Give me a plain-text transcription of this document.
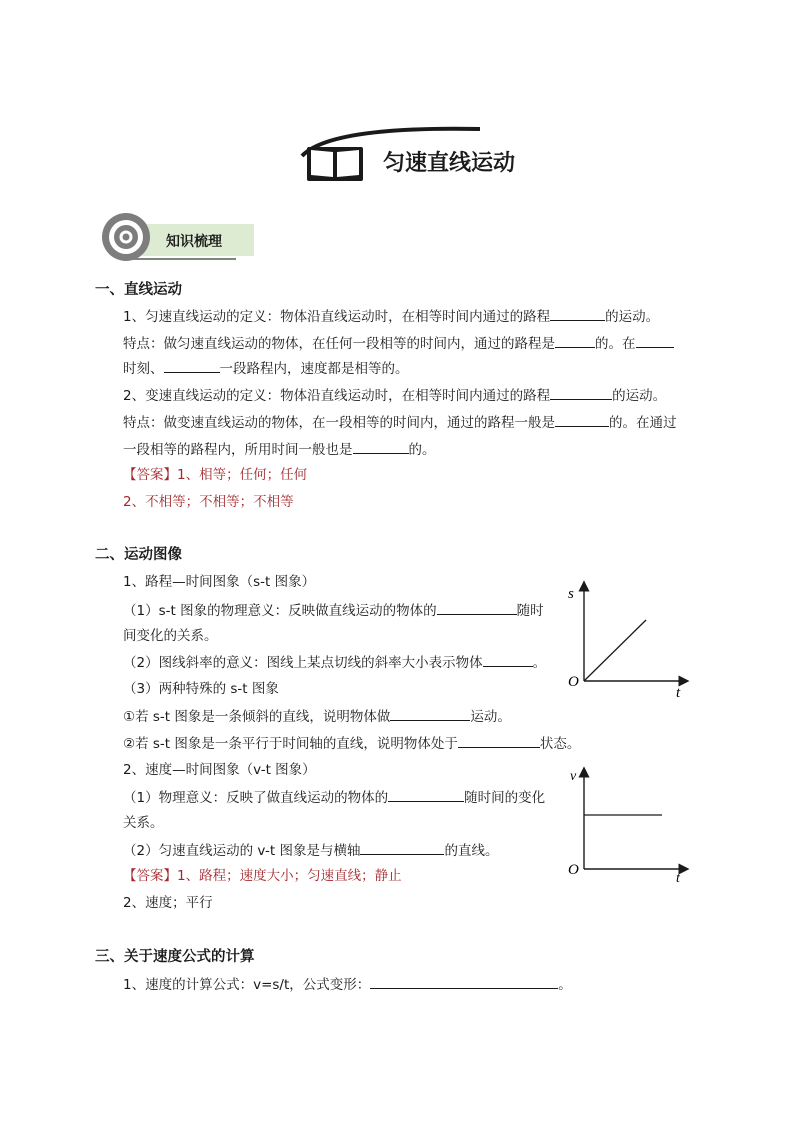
匀速直线运动
知识梳理
一、直线运动
1、匀速直线运动的定义：物体沿直线运动时，在相等时间内通过的路程	的运动。
特点：做匀速直线运动的物体，在任何一段相等的时间内，通过的路程是	的。在
时刻、	一段路程内，速度都是相等的。
2、变速直线运动的定义：物体沿直线运动时，在相等时间内通过的路程	的运动。
特点：做变速直线运动的物体，在一段相等的时间内，通过的路程一般是	的。在通过
一段相等的路程内，所用时间一般也是	的。
【答案】1、相等；任何；任何
2、不相等；不相等；不相等
二、运动图像
1、路程—时间图象（s-t 图象）
（1）s-t 图象的物理意义：反映做直线运动的物体的	随时
间变化的关系。
（2）图线斜率的意义：图线上某点切线的斜率大小表示物体	。
（3）两种特殊的 s-t 图象
①若 s-t 图象是一条倾斜的直线，说明物体做	运动。
②若 s-t 图象是一条平行于时间轴的直线，说明物体处于	状态。
2、速度—时间图象（v-t 图象）
（1）物理意义：反映了做直线运动的物体的	随时间的变化
关系。
（2）匀速直线运动的 v-t 图象是与横轴	的直线。
【答案】1、路程；速度大小；匀速直线；静止
2、速度；平行
s
t
O
v
t
O
三、关于速度公式的计算
1、速度的计算公式：v=s/t，公式变形：	。
